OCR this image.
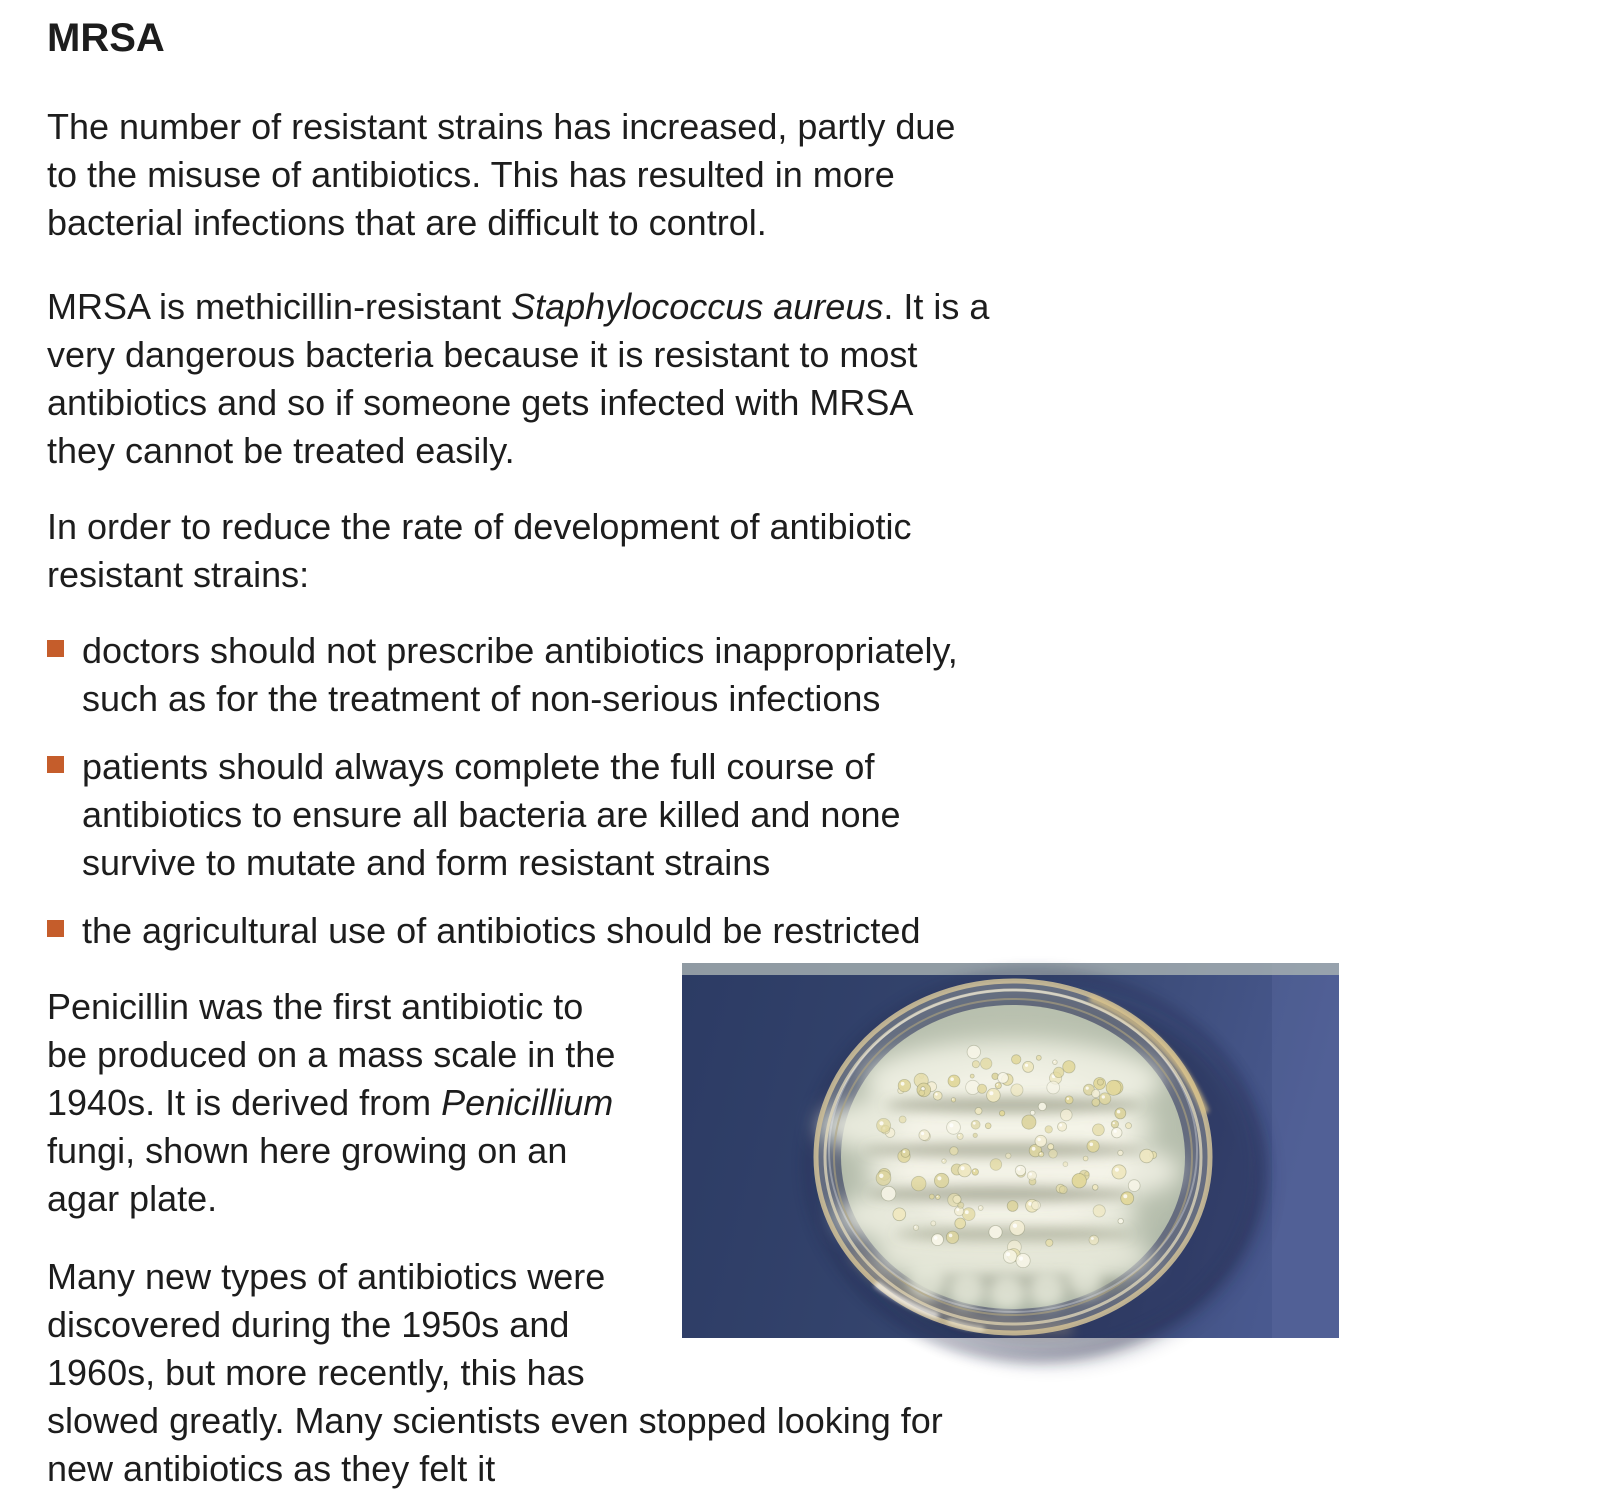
MRSA
The number of resistant strains has increased, partly due
to the misuse of antibiotics. This has resulted in more
bacterial infections that are difficult to control.
MRSA is methicillin-resistant Staphylococcus aureus. It is a
very dangerous bacteria because it is resistant to most
antibiotics and so if someone gets infected with MRSA
they cannot be treated easily.
In order to reduce the rate of development of antibiotic
resistant strains:
doctors should not prescribe antibiotics inappropriately,
such as for the treatment of non-serious infections
patients should always complete the full course of
antibiotics to ensure all bacteria are killed and none
survive to mutate and form resistant strains
the agricultural use of antibiotics should be restricted
Penicillin was the first antibiotic to
be produced on a mass scale in the
1940s. It is derived from Penicillium
fungi, shown here growing on an
agar plate.
Many new types of antibiotics were
discovered during the 1950s and
1960s, but more recently, this has
slowed greatly. Many scientists even stopped looking for
new antibiotics as they felt it
